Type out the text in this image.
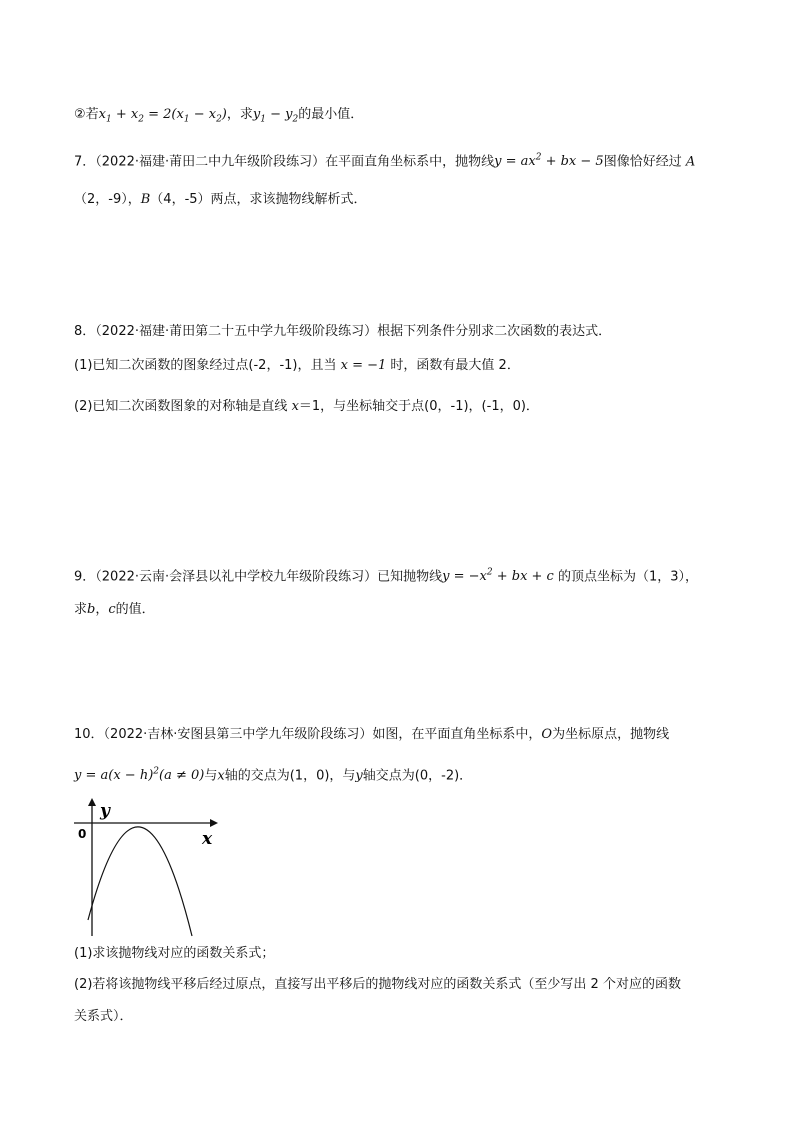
②若$x_1 + x_2 = 2(x_1 - x_2)$，求$y_1 - y_2$的最小值．
7．（2022·福建·莆田二中九年级阶段练习）在平面直角坐标系中，抛物线$y = ax^2$ + bx − 5图像恰好经过 A
（2，-9），B（4，-5）两点，求该抛物线解析式．
8．（2022·福建·莆田第二十五中学九年级阶段练习）根据下列条件分别求二次函数的表达式．
(1)已知二次函数的图象经过点(-2，-1)，且当 x = −1 时，函数有最大值 2．
(2)已知二次函数图象的对称轴是直线 x＝1，与坐标轴交于点(0，-1)，(-1，0)．
9．（2022·云南·会泽县以礼中学校九年级阶段练习）已知抛物线$y = -x^2$ + bx + c 的顶点坐标为（1，3），
求b，c的值．
10．（2022·吉林·安图县第三中学九年级阶段练习）如图，在平面直角坐标系中，O为坐标原点，抛物线
$y = a(x - h)^2(a \ne 0)$与x轴的交点为(1，0)，与y轴交点为(0，-2)．
y
x
0
(1)求该抛物线对应的函数关系式；
(2)若将该抛物线平移后经过原点，直接写出平移后的抛物线对应的函数关系式（至少写出 2 个对应的函数
关系式）．
